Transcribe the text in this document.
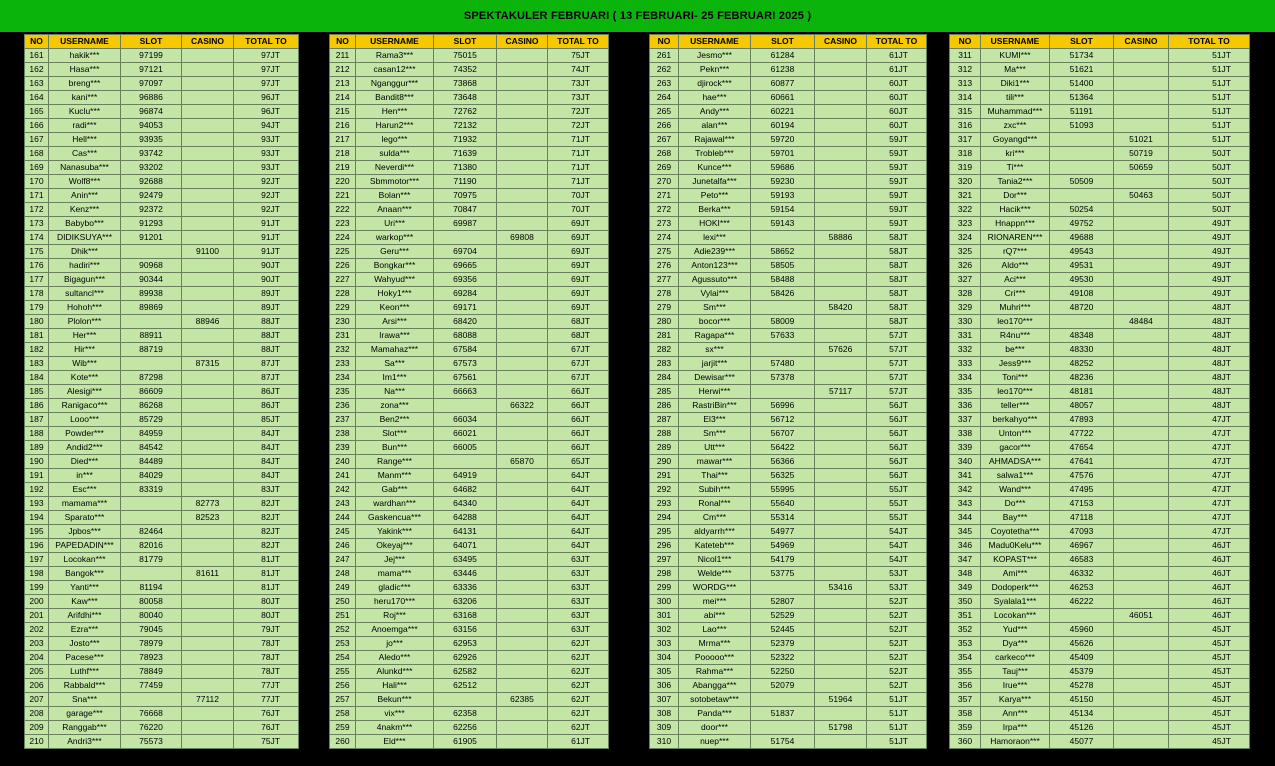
SPEKTAKULER FEBRUARI ( 13 FEBRUARI- 25 FEBRUARI 2025 )
NO	USERNAME	SLOT	CASINO	TOTAL TO
161	hakik***	97199		97JT
162	Hasa***	97121		97JT
163	breng***	97097		97JT
164	kani***	96886		96JT
165	Kuclu***	96874		96JT
166	radi***	94053		94JT
167	Hell***	93935		93JT
168	Cas***	93742		93JT
169	Nanasuba***	93202		93JT
170	Wolf8***	92688		92JT
171	Anin***	92479		92JT
172	Kenz***	92372		92JT
173	Babybo***	91293		91JT
174	DIDIKSUYA***	91201		91JT
175	Dhik***		91100	91JT
176	hadiri***	90968		90JT
177	Bigagun***	90344		90JT
178	sultancl***	89938		89JT
179	Hohoh***	89869		89JT
180	Plolon***		88946	88JT
181	Her***	88911		88JT
182	Hir***	88719		88JT
183	Wib***		87315	87JT
184	Kote***	87298		87JT
185	Alesigi***	86609		86JT
186	Ranigaco***	86268		86JT
187	Looo***	85729		85JT
188	Powder***	84959		84JT
189	Andid2***	84542		84JT
190	Died***	84489		84JT
191	in***	84029		84JT
192	Esc***	83319		83JT
193	mamama***		82773	82JT
194	Sparato***		82523	82JT
195	Jpbos***	82464		82JT
196	PAPEDADIN***	82016		82JT
197	Locokan***	81779		81JT
198	Bangok***		81611	81JT
199	Yanti***	81194		81JT
200	Kaw***	80058		80JT
201	Arifdhi***	80040		80JT
202	Ezra***	79045		79JT
203	Josto***	78979		78JT
204	Pacese***	78923		78JT
205	Luthf***	78849		78JT
206	Rabbald***	77459		77JT
207	Sna***		77112	77JT
208	garage***	76668		76JT
209	Ranggab***	76220		76JT
210	Andri3***	75573		75JT
NO	USERNAME	SLOT	CASINO	TOTAL TO
211	Rama3***	75015		75JT
212	casan12***	74352		74JT
213	Nganggur***	73868		73JT
214	Bandit8***	73648		73JT
215	Hen***	72762		72JT
216	Harun2***	72132		72JT
217	lego***	71932		71JT
218	sulda***	71639		71JT
219	Neverdi***	71380		71JT
220	Sbmmotor***	71190		71JT
221	Bolan***	70975		70JT
222	Anaan***	70847		70JT
223	Uri***	69987		69JT
224	warkop***		69808	69JT
225	Geru***	69704		69JT
226	Bongkar***	69665		69JT
227	Wahyud***	69356		69JT
228	Hoky1***	69284		69JT
229	Keon***	69171		69JT
230	Arsi***	68420		68JT
231	Irawa***	68088		68JT
232	Mamahaz***	67584		67JT
233	Sa***	67573		67JT
234	Im1***	67561		67JT
235	Na***	66663		66JT
236	zona***		66322	66JT
237	Ben2***	66034		66JT
238	Slot***	66021		66JT
239	Bun***	66005		66JT
240	Range***		65870	65JT
241	Manm***	64919		64JT
242	Gab***	64682		64JT
243	wardhan***	64340		64JT
244	Gaskencua***	64288		64JT
245	Yakink***	64131		64JT
246	Okeyaj***	64071		64JT
247	Jej***	63495		63JT
248	mama***	63446		63JT
249	gladic***	63336		63JT
250	heru170***	63206		63JT
251	Roj***	63168		63JT
252	Anoemga***	63156		63JT
253	jo***	62953		62JT
254	Aledo***	62926		62JT
255	Alunkd***	62582		62JT
256	Hali***	62512		62JT
257	Bekun***		62385	62JT
258	vix***	62358		62JT
259	4nakm***	62256		62JT
260	Eld***	61905		61JT
NO	USERNAME	SLOT	CASINO	TOTAL TO
261	Jesmo***	61284		61JT
262	Pekn***	61238		61JT
263	djirock***	60877		60JT
264	hae***	60661		60JT
265	Andy***	60221		60JT
266	alan***	60194		60JT
267	Rajawal***	59720		59JT
268	Trobleb***	59701		59JT
269	Kunce***	59686		59JT
270	Junetalfa***	59230		59JT
271	Peto***	59193		59JT
272	Berka***	59154		59JT
273	HOKI***	59143		59JT
274	lexi***		58886	58JT
275	Adie239***	58652		58JT
276	Anton123***	58505		58JT
277	Agussuto***	58488		58JT
278	Vylai***	58426		58JT
279	Sm***		58420	58JT
280	bocor***	58009		58JT
281	Ragapa***	57633		57JT
282	sx***		57626	57JT
283	jarjit***	57480		57JT
284	Dewisar***	57378		57JT
285	Herwi***		57117	57JT
286	RastriBin***	56996		56JT
287	El3***	56712		56JT
288	Sm***	56707		56JT
289	Utt***	56422		56JT
290	mawar***	56366		56JT
291	Thai***	56325		56JT
292	Subih***	55995		55JT
293	Ronal***	55640		55JT
294	Cm***	55314		55JT
295	aldyarrh***	54977		54JT
296	Kateteb***	54969		54JT
297	Nicol1***	54179		54JT
298	Welde***	53775		53JT
299	WORDG***		53416	53JT
300	mei***	52807		52JT
301	abi***	52529		52JT
302	Lao***	52445		52JT
303	Mrma***	52379		52JT
304	Pooooo***	52322		52JT
305	Rahma***	52250		52JT
306	Abangga***	52079		52JT
307	sotobetaw***		51964	51JT
308	Panda***	51837		51JT
309	door***		51798	51JT
310	nuep***	51754		51JT
NO	USERNAME	SLOT	CASINO	TOTAL TO
311	KUMI***	51734		51JT
312	Ma***	51621		51JT
313	Diki1***	51400		51JT
314	tili***	51364		51JT
315	Muhammad***	51191		51JT
316	zxc***	51093		51JT
317	Goyangd***		51021	51JT
318	kri***		50719	50JT
319	Ti***		50659	50JT
320	Tania2***	50509		50JT
321	Dor***		50463	50JT
322	Hacik***	50254		50JT
323	Hnappn***	49752		49JT
324	RIONAREN***	49688		49JT
325	rQ7***	49543		49JT
326	Aldo***	49531		49JT
327	Aci***	49530		49JT
328	Cri***	49108		49JT
329	Muhri***	48720		48JT
330	leo170***		48484	48JT
331	R4nu***	48348		48JT
332	be***	48330		48JT
333	Jess9***	48252		48JT
334	Toni***	48236		48JT
335	leo170***	48181		48JT
336	teller***	48057		48JT
337	berkahyo***	47893		47JT
338	Unton***	47722		47JT
339	gacor***	47654		47JT
340	AHMADSA***	47641		47JT
341	salwa1***	47576		47JT
342	Wand***	47495		47JT
343	Do***	47153		47JT
344	Bay***	47118		47JT
345	Coyotetha***	47093		47JT
346	Madu0Kelu***	46967		46JT
347	KOPAST***	46583		46JT
348	Ami***	46332		46JT
349	Dodoperk***	46253		46JT
350	Syalala1***	46222		46JT
351	Locokan***		46051	46JT
352	Yud***	45960		45JT
353	Dya***	45626		45JT
354	carkeco***	45409		45JT
355	Tauj***	45379		45JT
356	Irue***	45278		45JT
357	Karya***	45150		45JT
358	Ann***	45134		45JT
359	Irpa***	45126		45JT
360	Hamoraon***	45077		45JT
